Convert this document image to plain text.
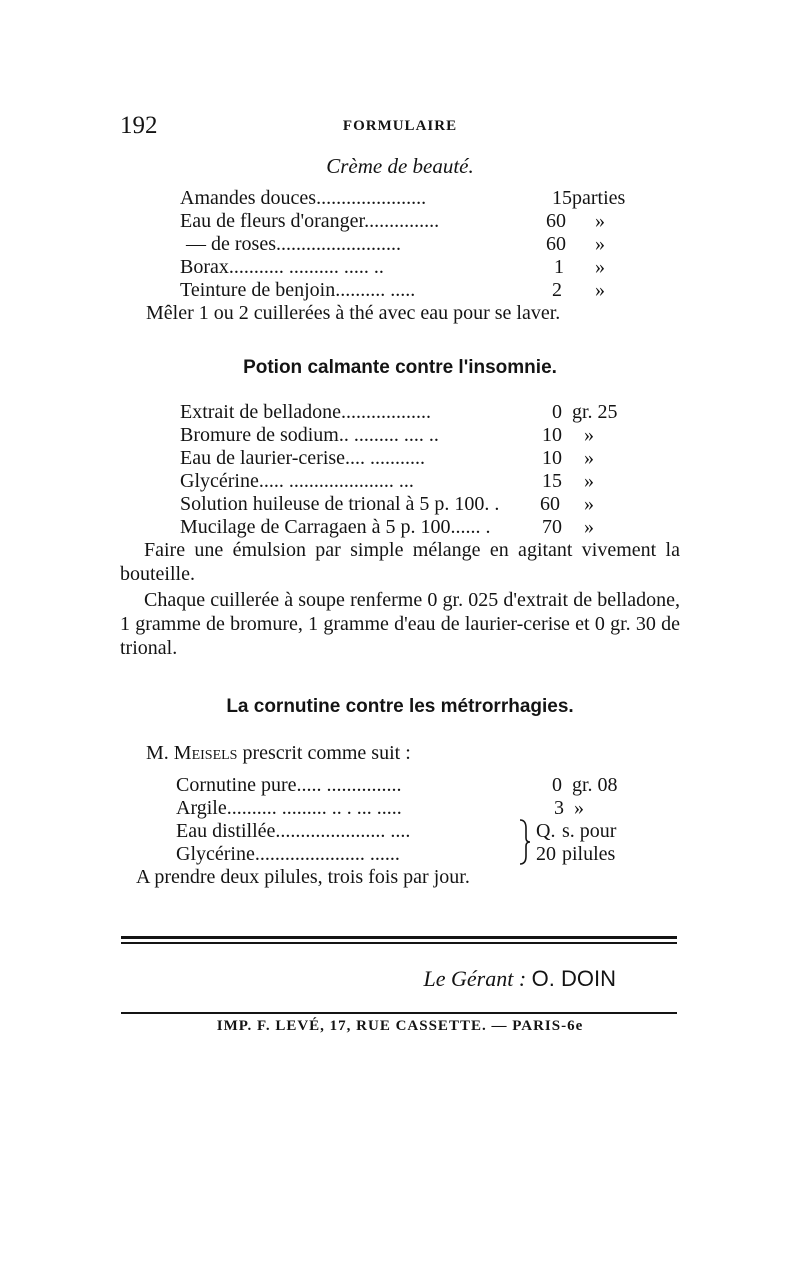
192	FORMULAIRE
Crème de beauté.
Amandes douces......................	15 parties
Eau de fleurs d'oranger...............	60 »
— de roses.........................	60 »
Borax........... .......... ..... ..	1 »
Teinture de benjoin.......... .....	2 »
Mêler 1 ou 2 cuillerées à thé avec eau pour se laver.
Potion calmante contre l'insomnie.
Extrait de belladone..................	0 gr. 25
Bromure de sodium.. ......... .... ..	10 »
Eau de laurier-cerise.... ...........	10 »
Glycérine..... ..................... ...	15 »
Solution huileuse de trional à 5 p. 100. . 60 »
Mucilage de Carragaen à 5 p. 100...... .	70 »
Faire une émulsion par simple mélange en agitant vivement la bouteille.
Chaque cuillerée à soupe renferme 0 gr. 025 d'extrait de belladone, 1 gramme de bromure, 1 gramme d'eau de laurier-cerise et 0 gr. 30 de trional.
La cornutine contre les métrorrhagies.
M. Meisels prescrit comme suit :
Cornutine pure..... ...............	0 gr. 08
Argile.......... ......... .. . ... .....	3 »
Eau distillée...................... ....	Q. s. pour
Glycérine...................... ......	20 pilules
A prendre deux pilules, trois fois par jour.
Le Gérant : O. DOIN
IMP. F. LEVÉ, 17, RUE CASSETTE. — PARIS-6e
